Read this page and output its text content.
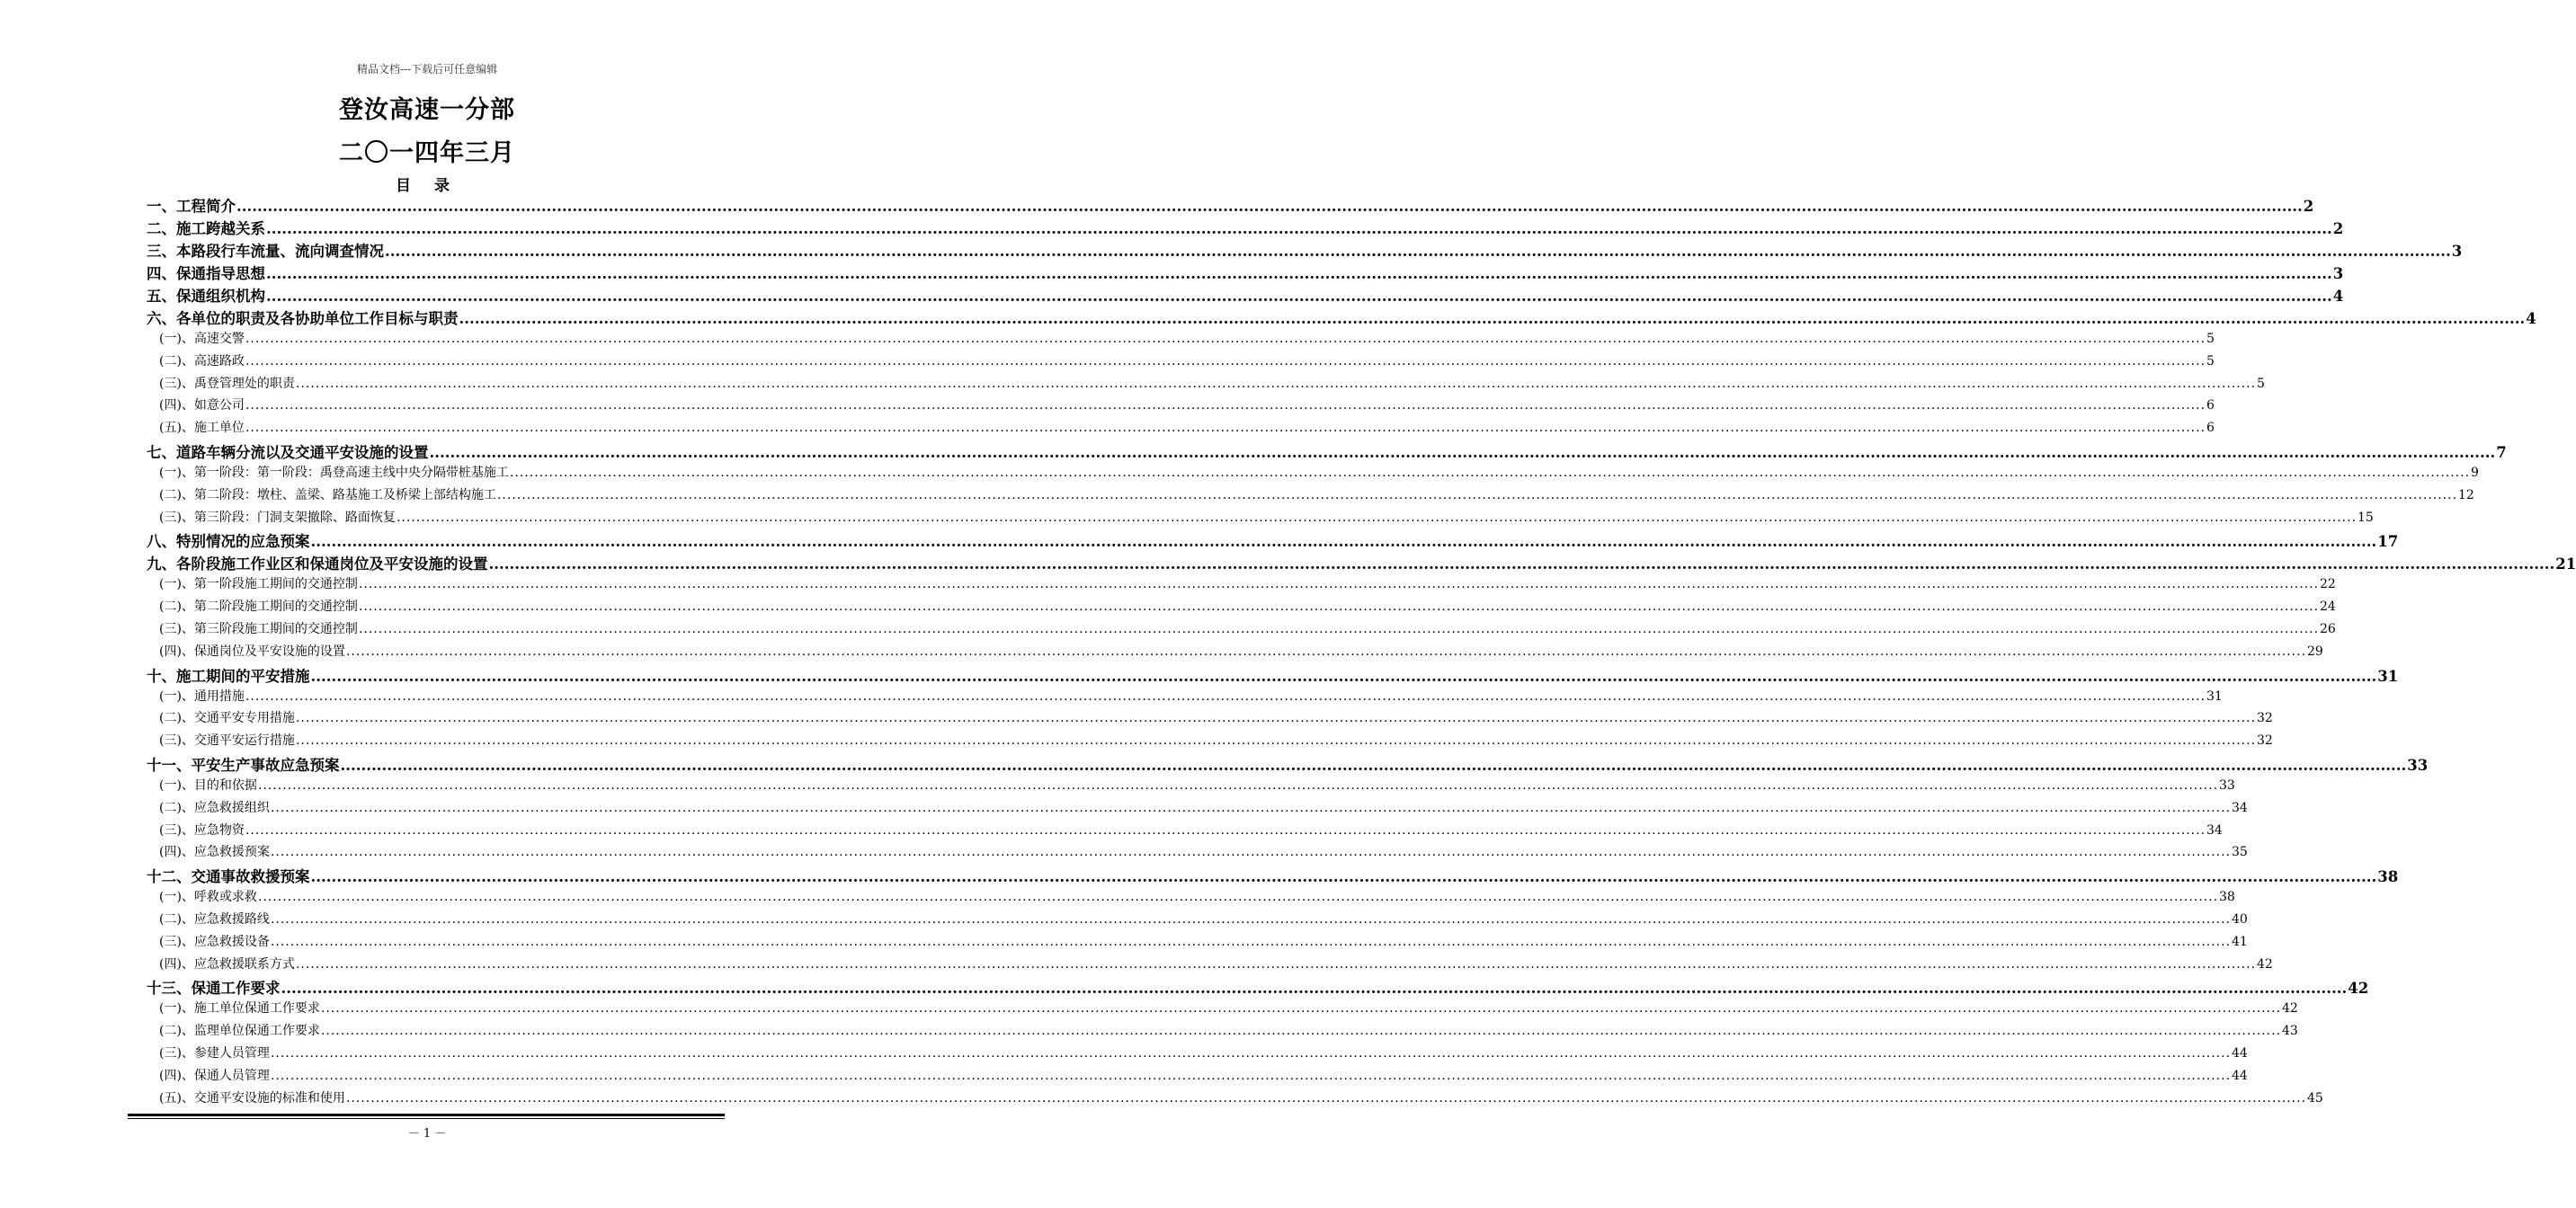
精品文档---下载后可任意编辑
登汝高速一分部
二〇一四年三月
目 录
一、工程简介 ................................................................................................................................................................................................................................................................................................................................................................................................................ 2
二、施工跨越关系 ................................................................................................................................................................................................................................................................................................................................................................................................................ 2
三、本路段行车流量、流向调查情况 ................................................................................................................................................................................................................................................................................................................................................................................................................ 3
四、保通指导思想 ................................................................................................................................................................................................................................................................................................................................................................................................................ 3
五、保通组织机构 ................................................................................................................................................................................................................................................................................................................................................................................................................ 4
六、各单位的职责及各协助单位工作目标与职责 ................................................................................................................................................................................................................................................................................................................................................................................................................ 4
(一)、高速交警 ................................................................................................................................................................................................................................................................................................................................................................................................................ 5
(二)、高速路政 ................................................................................................................................................................................................................................................................................................................................................................................................................ 5
(三)、禹登管理处的职责 ................................................................................................................................................................................................................................................................................................................................................................................................................ 5
(四)、如意公司 ................................................................................................................................................................................................................................................................................................................................................................................................................ 6
(五)、施工单位 ................................................................................................................................................................................................................................................................................................................................................................................................................ 6
七、道路车辆分流以及交通平安设施的设置 ................................................................................................................................................................................................................................................................................................................................................................................................................ 7
(一)、第一阶段：第一阶段：禹登高速主线中央分隔带桩基施工 ................................................................................................................................................................................................................................................................................................................................................................................................................ 9
(二)、第二阶段：墩柱、盖梁、路基施工及桥梁上部结构施工 ................................................................................................................................................................................................................................................................................................................................................................................................................ 12
(三)、第三阶段：门洞支架撤除、路面恢复 ................................................................................................................................................................................................................................................................................................................................................................................................................ 15
八、特别情况的应急预案 ................................................................................................................................................................................................................................................................................................................................................................................................................ 17
九、各阶段施工作业区和保通岗位及平安设施的设置 ................................................................................................................................................................................................................................................................................................................................................................................................................ 21
(一)、第一阶段施工期间的交通控制 ................................................................................................................................................................................................................................................................................................................................................................................................................ 22
(二)、第二阶段施工期间的交通控制 ................................................................................................................................................................................................................................................................................................................................................................................................................ 24
(三)、第三阶段施工期间的交通控制 ................................................................................................................................................................................................................................................................................................................................................................................................................ 26
(四)、保通岗位及平安设施的设置 ................................................................................................................................................................................................................................................................................................................................................................................................................ 29
十、施工期间的平安措施 ................................................................................................................................................................................................................................................................................................................................................................................................................ 31
(一)、通用措施 ................................................................................................................................................................................................................................................................................................................................................................................................................ 31
(二)、交通平安专用措施 ................................................................................................................................................................................................................................................................................................................................................................................................................ 32
(三)、交通平安运行措施 ................................................................................................................................................................................................................................................................................................................................................................................................................ 32
十一、平安生产事故应急预案 ................................................................................................................................................................................................................................................................................................................................................................................................................ 33
(一)、目的和依据 ................................................................................................................................................................................................................................................................................................................................................................................................................ 33
(二)、应急救援组织 ................................................................................................................................................................................................................................................................................................................................................................................................................ 34
(三)、应急物资 ................................................................................................................................................................................................................................................................................................................................................................................................................ 34
(四)、应急救援预案 ................................................................................................................................................................................................................................................................................................................................................................................................................ 35
十二、交通事故救援预案 ................................................................................................................................................................................................................................................................................................................................................................................................................ 38
(一)、呼救或求救 ................................................................................................................................................................................................................................................................................................................................................................................................................ 38
(二)、应急救援路线 ................................................................................................................................................................................................................................................................................................................................................................................................................ 40
(三)、应急救援设备 ................................................................................................................................................................................................................................................................................................................................................................................................................ 41
(四)、应急救援联系方式 ................................................................................................................................................................................................................................................................................................................................................................................................................ 42
十三、保通工作要求 ................................................................................................................................................................................................................................................................................................................................................................................................................ 42
(一)、施工单位保通工作要求 ................................................................................................................................................................................................................................................................................................................................................................................................................ 42
(二)、监理单位保通工作要求 ................................................................................................................................................................................................................................................................................................................................................................................................................ 43
(三)、参建人员管理 ................................................................................................................................................................................................................................................................................................................................................................................................................ 44
(四)、保通人员管理 ................................................................................................................................................................................................................................................................................................................................................................................................................ 44
(五)、交通平安设施的标准和使用 ................................................................................................................................................................................................................................................................................................................................................................................................................ 45
－ 1 －
